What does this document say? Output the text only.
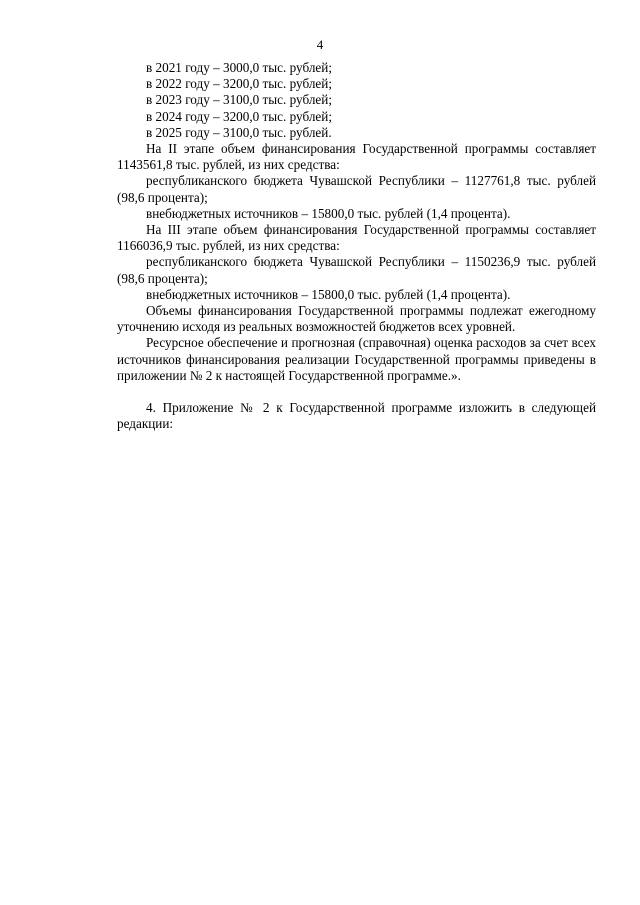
4

в 2021 году – 3000,0 тыс. рублей;

в 2022 году – 3200,0 тыс. рублей;

в 2023 году – 3100,0 тыс. рублей;

в 2024 году – 3200,0 тыс. рублей;

в 2025 году – 3100,0 тыс. рублей.

На II этапе объем финансирования Государственной программы составляет 1143561,8 тыс. рублей, из них средства:

республиканского бюджета Чувашской Республики – 1127761,8 тыс. рублей (98,6 процента);

внебюджетных источников – 15800,0 тыс. рублей (1,4 процента).

На III этапе объем финансирования Государственной программы составляет 1166036,9 тыс. рублей, из них средства:

республиканского бюджета Чувашской Республики – 1150236,9 тыс. рублей (98,6 процента);

внебюджетных источников – 15800,0 тыс. рублей (1,4 процента).

Объемы финансирования Государственной программы подлежат ежегодному уточнению исходя из реальных возможностей бюджетов всех уровней.

Ресурсное обеспечение и прогнозная (справочная) оценка расходов за счет всех источников финансирования реализации Государственной программы приведены в приложении № 2 к настоящей Государственной программе.».

4. Приложение № 2 к Государственной программе изложить в следующей редакции:
